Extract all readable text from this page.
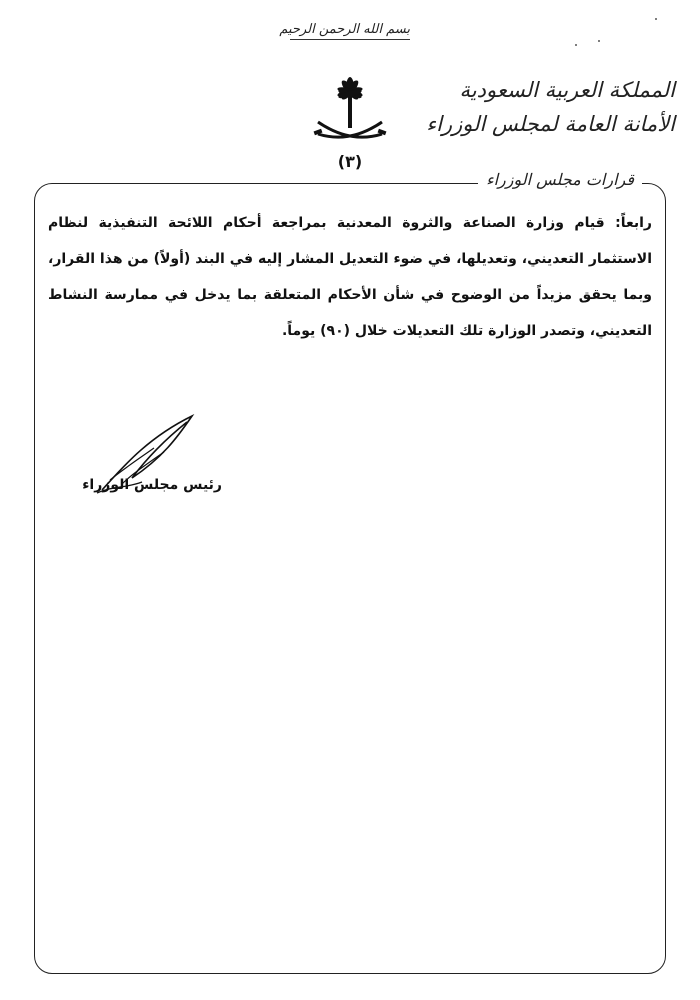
بسم الله الرحمن الرحيم
(٣)
المملكة العربية السعودية
الأمانة العامة لمجلس الوزراء
قرارات مجلس الوزراء

رابعاً: قيام وزارة الصناعة والثروة المعدنية بمراجعة أحكام اللائحة التنفيذية لنظام الاستثمار التعديني، وتعديلها، في ضوء التعديل المشار إليه في البند (أولاً) من هذا القرار، وبما يحقق مزيداً من الوضوح في شأن الأحكام المتعلقة بما يدخل في ممارسة النشاط التعديني، وتصدر الوزارة تلك التعديلات خلال (٩٠) يوماً.

رئيس مجلس الوزراء
